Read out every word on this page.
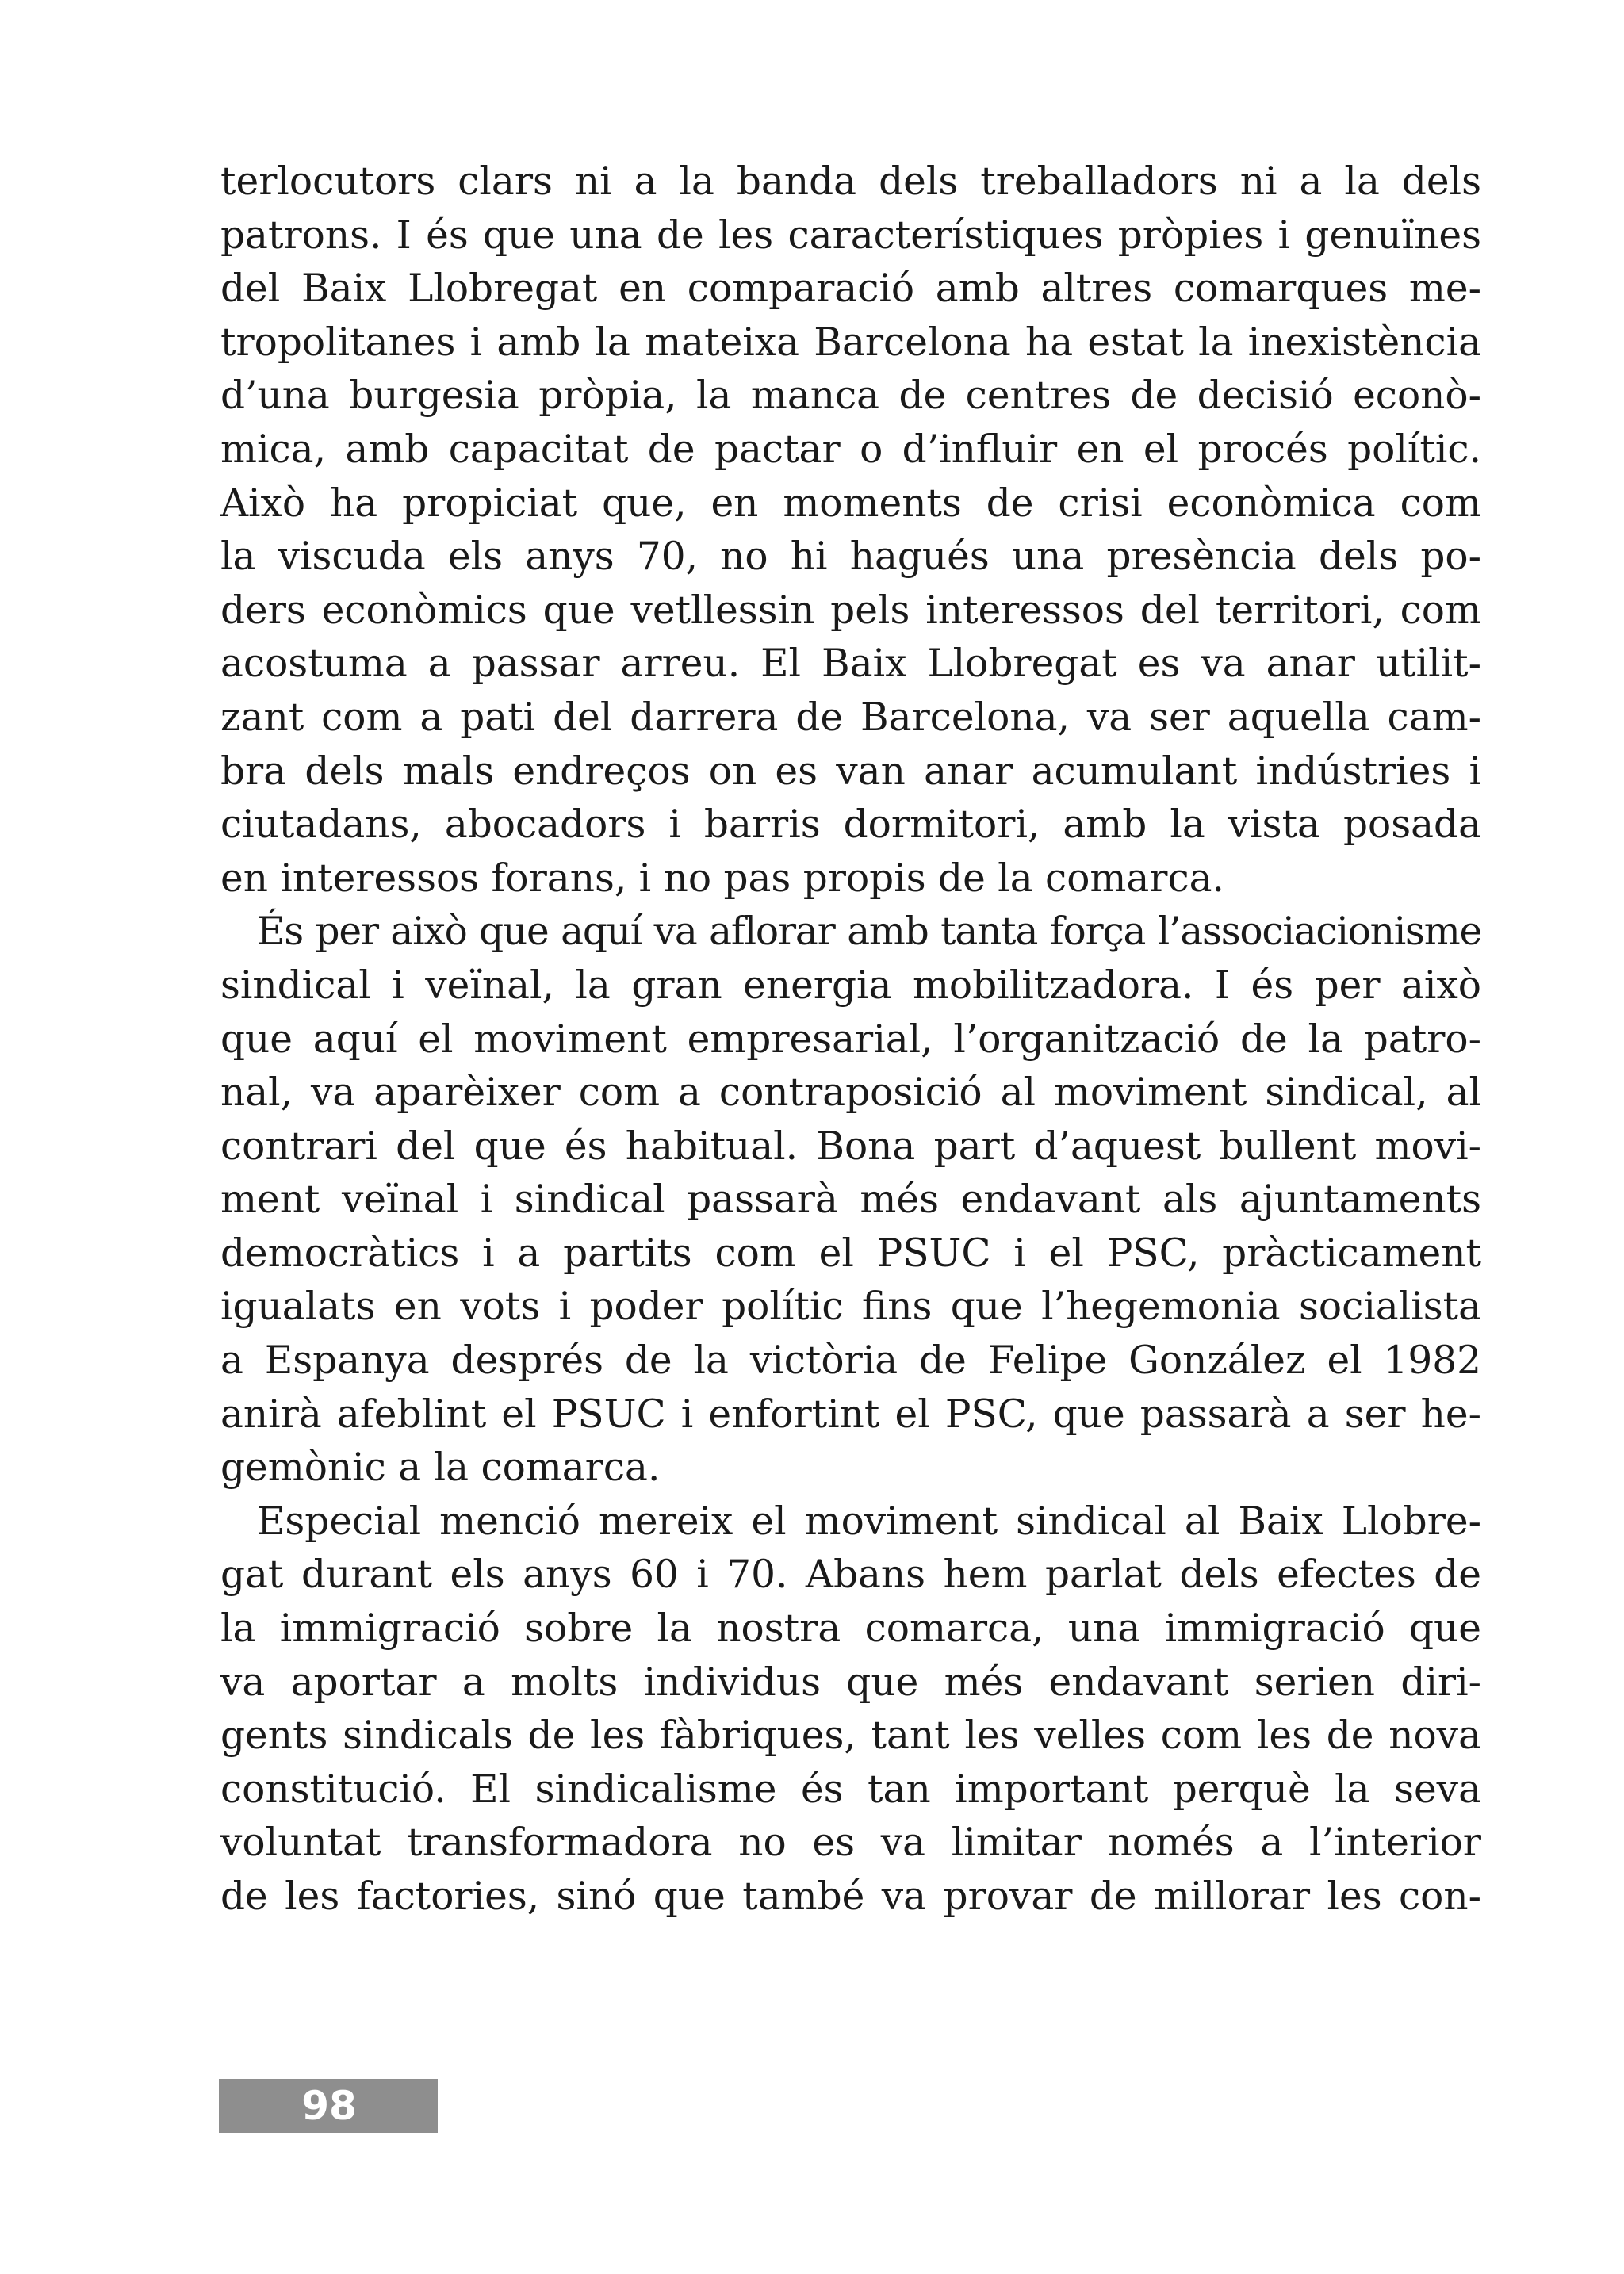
terlocutors clars ni a la banda dels treballadors ni a la dels
patrons. I és que una de les característiques pròpies i genuïnes
del Baix Llobregat en comparació amb altres comarques me-
tropolitanes i amb la mateixa Barcelona ha estat la inexistència
d’una burgesia pròpia, la manca de centres de decisió econò-
mica, amb capacitat de pactar o d’influir en el procés polític.
Això ha propiciat que, en moments de crisi econòmica com
la viscuda els anys 70, no hi hagués una presència dels po-
ders econòmics que vetllessin pels interessos del territori, com
acostuma a passar arreu. El Baix Llobregat es va anar utilit-
zant com a pati del darrera de Barcelona, va ser aquella cam-
bra dels mals endreços on es van anar acumulant indústries i
ciutadans, abocadors i barris dormitori, amb la vista posada
en interessos forans, i no pas propis de la comarca.
És per això que aquí va aflorar amb tanta força l’associacionisme
sindical i veïnal, la gran energia mobilitzadora. I és per això
que aquí el moviment empresarial, l’organització de la patro-
nal, va aparèixer com a contraposició al moviment sindical, al
contrari del que és habitual. Bona part d’aquest bullent movi-
ment veïnal i sindical passarà més endavant als ajuntaments
democràtics i a partits com el PSUC i el PSC, pràcticament
igualats en vots i poder polític fins que l’hegemonia socialista
a Espanya després de la victòria de Felipe González el 1982
anirà afeblint el PSUC i enfortint el PSC, que passarà a ser he-
gemònic a la comarca.
Especial menció mereix el moviment sindical al Baix Llobre-
gat durant els anys 60 i 70. Abans hem parlat dels efectes de
la immigració sobre la nostra comarca, una immigració que
va aportar a molts individus que més endavant serien diri-
gents sindicals de les fàbriques, tant les velles com les de nova
constitució. El sindicalisme és tan important perquè la seva
voluntat transformadora no es va limitar només a l’interior
de les factories, sinó que també va provar de millorar les con-
98
